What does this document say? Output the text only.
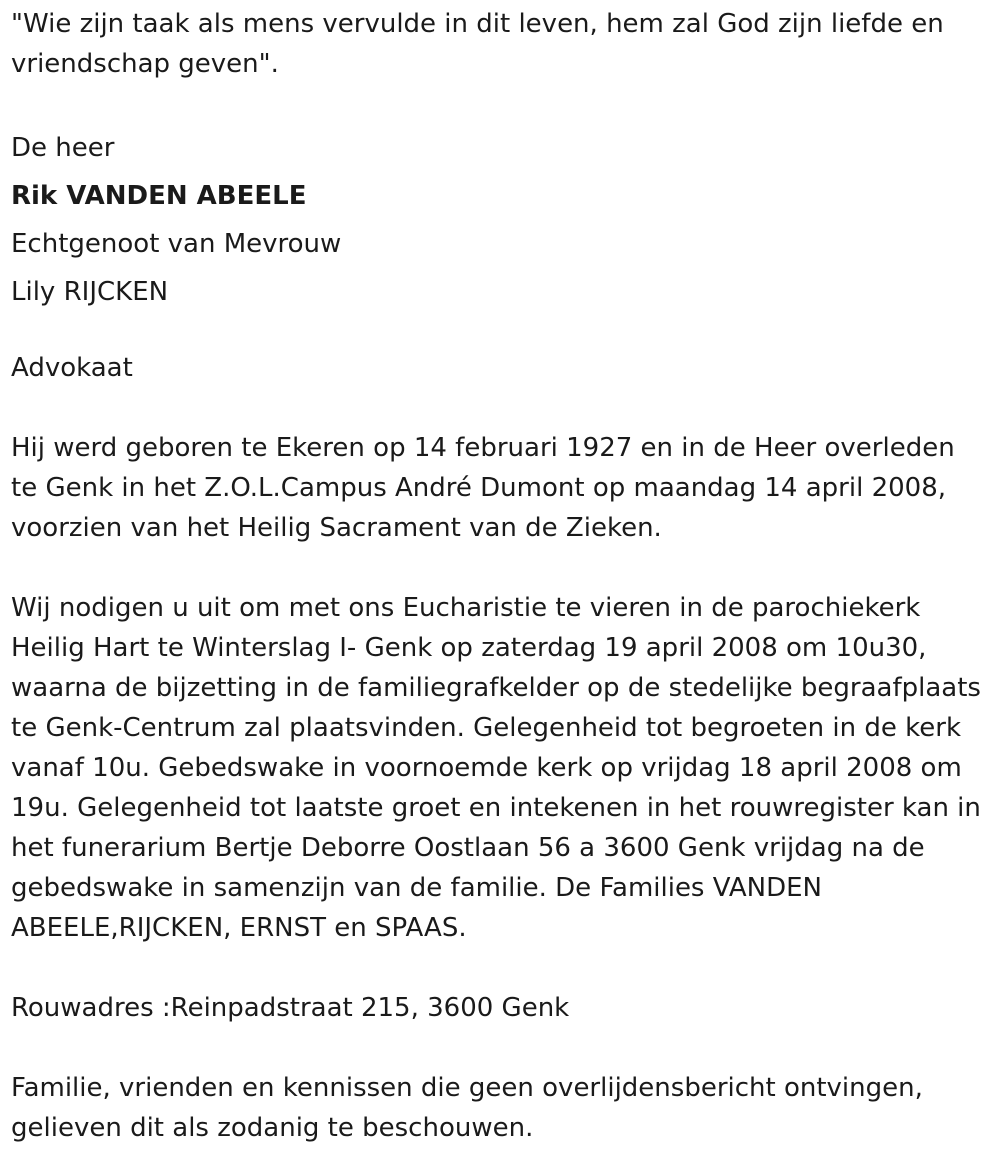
"Wie zijn taak als mens vervulde in dit leven, hem zal God zijn liefde en vriendschap geven".

De heer

Rik VANDEN ABEELE

Echtgenoot van Mevrouw

Lily RIJCKEN

Advokaat

Hij werd geboren te Ekeren op 14 februari 1927 en in de Heer overleden te Genk in het Z.O.L.Campus André Dumont op maandag 14 april 2008, voorzien van het Heilig Sacrament van de Zieken.

Wij nodigen u uit om met ons Eucharistie te vieren in de parochiekerk Heilig Hart te Winterslag I- Genk op zaterdag 19 april 2008 om 10u30, waarna de bijzetting in de familiegrafkelder op de stedelijke begraafplaats te Genk-Centrum zal plaatsvinden. Gelegenheid tot begroeten in de kerk vanaf 10u. Gebedswake in voornoemde kerk op vrijdag 18 april 2008 om 19u. Gelegenheid tot laatste groet en intekenen in het rouwregister kan in het funerarium Bertje Deborre Oostlaan 56 a 3600 Genk vrijdag na de gebedswake in samenzijn van de familie. De Families VANDEN ABEELE,RIJCKEN, ERNST en SPAAS.

Rouwadres :Reinpadstraat 215, 3600 Genk

Familie, vrienden en kennissen die geen overlijdensbericht ontvingen, gelieven dit als zodanig te beschouwen.
